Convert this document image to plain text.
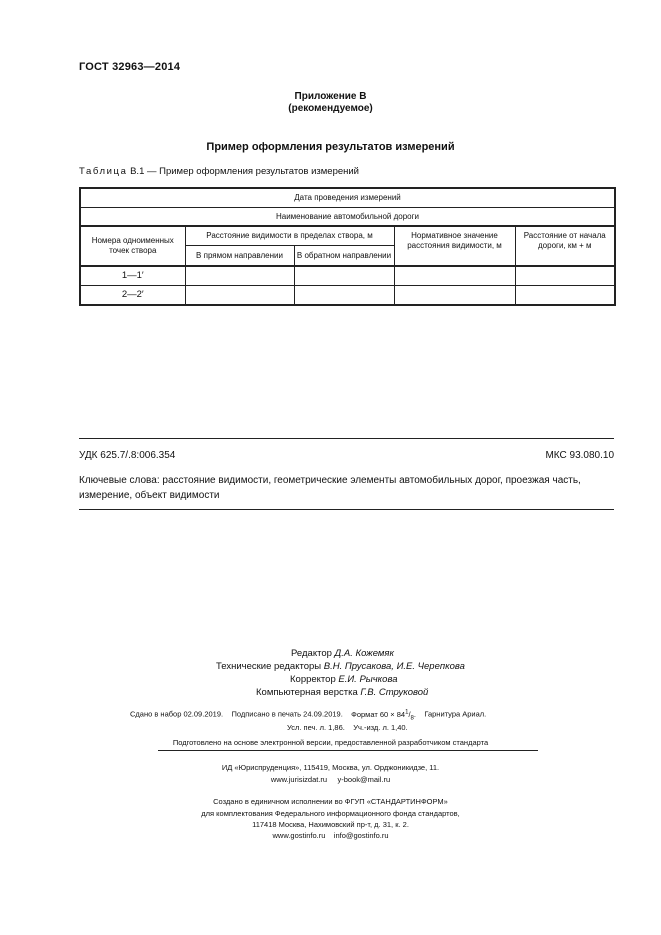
ГОСТ 32963—2014
Приложение В
(рекомендуемое)
Пример оформления результатов измерений
Таблица В.1 — Пример оформления результатов измерений
Дата проведения измерений				
Наименование автомобильной дороги				
Номера одноименных точек створа	Расстояние видимости в пределах створа, м		Нормативное значение расстояния видимости, м	Расстояние от начала дороги, км + м
	В прямом направлении	В обратном направлении		
1—1′				
2—2′				
УДК 625.7/.8:006.354	МКС 93.080.10
Ключевые слова: расстояние видимости, геометрические элементы автомобильных дорог, проезжая часть, измерение, объект видимости
Редактор Д.А. Кожемяк
Технические редакторы В.Н. Прусакова, И.Е. Черепкова
Корректор Е.И. Рычкова
Компьютерная верстка Г.В. Струковой
Сдано в набор 02.09.2019. Подписано в печать 24.09.2019. Формат $60 \times 84^1/_8$. Гарнитура Ариал.
Усл. печ. л. 1,86. Уч.-изд. л. 1,40.
Подготовлено на основе электронной версии, предоставленной разработчиком стандарта
ИД «Юриспруденция», 115419, Москва, ул. Орджоникидзе, 11.
www.jurisizdat.ru y-book@mail.ru
Создано в единичном исполнении во ФГУП «СТАНДАРТИНФОРМ»
для комплектования Федерального информационного фонда стандартов,
117418 Москва, Нахимовский пр-т, д. 31, к. 2.
www.gostinfo.ru info@gostinfo.ru
